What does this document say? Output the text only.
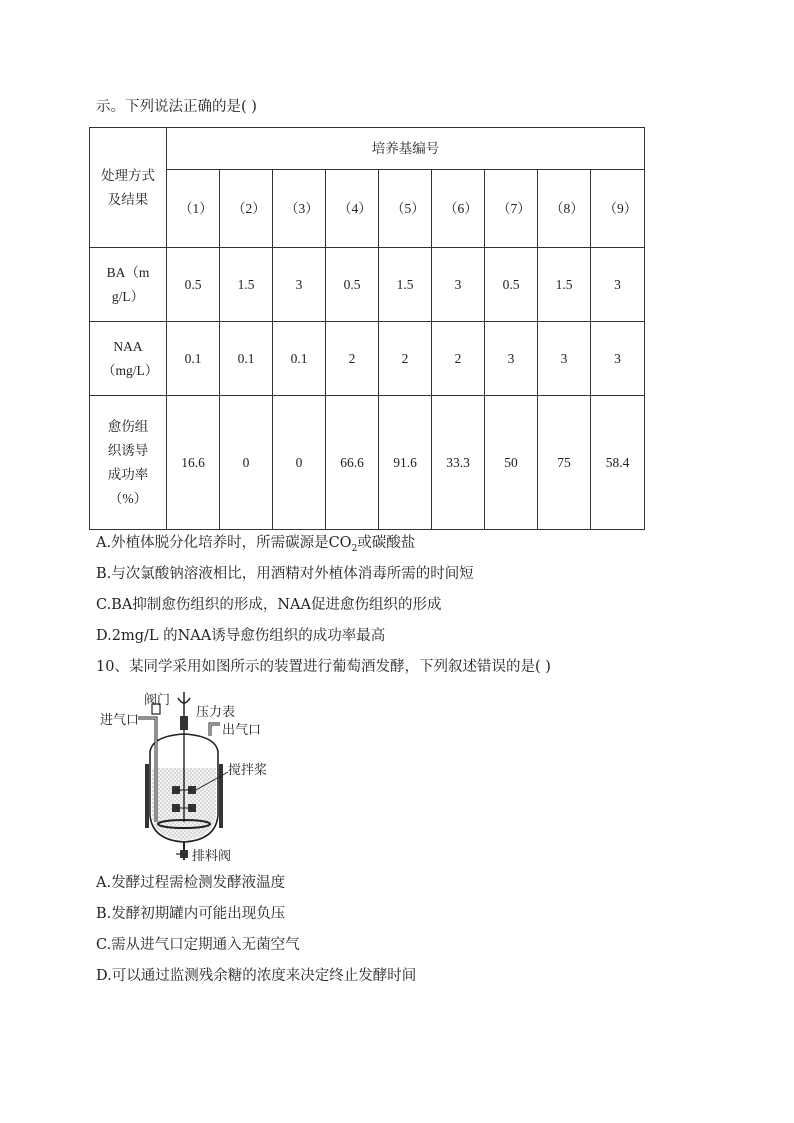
示。下列说法正确的是( )
处理方式及结果	培养基编号								
	（1）	（2）	（3）	（4）	（5）	（6）	（7）	（8）	（9）
BA（mg/L）	0.5	1.5	3	0.5	1.5	3	0.5	1.5	3
NAA（mg/L）	0.1	0.1	0.1	2	2	2	3	3	3
愈伤组织诱导成功率（%）	16.6	0	0	66.6	91.6	33.3	50	75	58.4
A.外植体脱分化培养时，所需碳源是$CO_2$或碳酸盐
B.与次氯酸钠溶液相比，用酒精对外植体消毒所需的时间短
C.BA抑制愈伤组织的形成，NAA促进愈伤组织的形成
D.2mg/L 的NAA诱导愈伤组织的成功率最高
10、某同学采用如图所示的装置进行葡萄酒发酵，下列叙述错误的是( )
阀门
进气口
压力表
出气口
搅拌桨
排料阀
A.发酵过程需检测发酵液温度
B.发酵初期罐内可能出现负压
C.需从进气口定期通入无菌空气
D.可以通过监测残余糖的浓度来决定终止发酵时间
